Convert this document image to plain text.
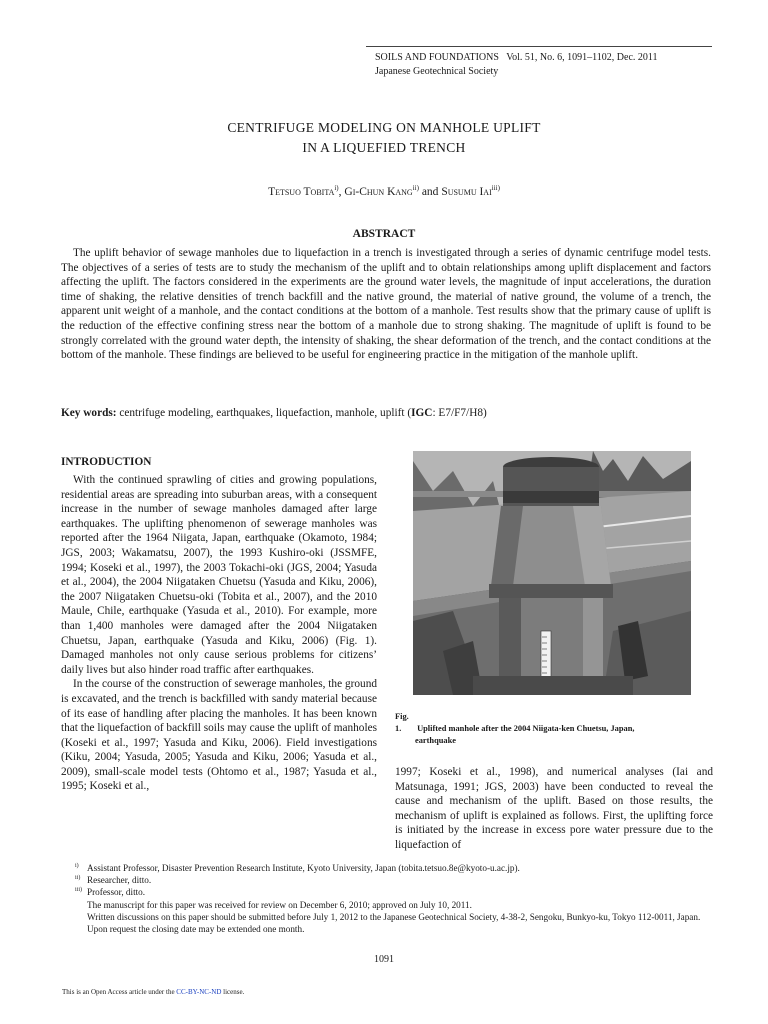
SOILS AND FOUNDATIONS   Vol. 51, No. 6, 1091–1102, Dec. 2011
Japanese Geotechnical Society
CENTRIFUGE MODELING ON MANHOLE UPLIFT
IN A LIQUEFIED TRENCH
Tetsuo Tobita$^{i)}$, Gi-Chun Kang$^{ii)}$ and Susumu Iai$^{iii)}$
ABSTRACT
The uplift behavior of sewage manholes due to liquefaction in a trench is investigated through a series of dynamic centrifuge model tests. The objectives of a series of tests are to study the mechanism of the uplift and to obtain relationships among uplift displacement and factors affecting the uplift. The factors considered in the experiments are the ground water levels, the magnitude of input accelerations, the duration time of shaking, the relative densities of trench backfill and the native ground, the material of native ground, the volume of a trench, the apparent unit weight of a manhole, and the contact conditions at the bottom of a manhole. Test results show that the primary cause of uplift is the reduction of the effective confining stress near the bottom of a manhole due to strong shaking. The magnitude of uplift is found to be strongly correlated with the ground water depth, the intensity of shaking, the shear deformation of the trench, and the contact conditions at the bottom of the manhole. These findings are believed to be useful for engineering practice in the mitigation of the manhole uplift.
Key words: centrifuge modeling, earthquakes, liquefaction, manhole, uplift (IGC: E7/F7/H8)
INTRODUCTION

With the continued sprawling of cities and growing populations, residential areas are spreading into suburban areas, with a consequent increase in the number of sewage manholes damaged after large earthquakes. The uplifting phenomenon of sewerage manholes was reported after the 1964 Niigata, Japan, earthquake (Okamoto, 1984; JGS, 2003; Wakamatsu, 2007), the 1993 Kushiro-oki (JSSMFE, 1994; Koseki et al., 1997), the 2003 Tokachi-oki (JGS, 2004; Yasuda et al., 2004), the 2004 Niigataken Chuetsu (Yasuda and Kiku, 2006), the 2007 Niigataken Chuetsu-oki (Tobita et al., 2007), and the 2010 Maule, Chile, earthquake (Yasuda et al., 2010). For example, more than 1,400 manholes were damaged after the 2004 Niigataken Chuetsu, Japan, earthquake (Yasuda and Kiku, 2006) (Fig. 1). Damaged manholes not only cause serious problems for citizens’ daily lives but also hinder road traffic after earthquakes.

In the course of the construction of sewerage manholes, the ground is excavated, and the trench is backfilled with sandy material because of its ease of handling after placing the manholes. It has been known that the liquefaction of backfill soils may cause the uplift of manholes (Koseki et al., 1997; Yasuda and Kiku, 2006). Field investigations (Kiku, 2004; Yasuda, 2005; Yasuda and Kiku, 2006; Yasuda et al., 2009), small-scale model tests (Ohtomo et al., 1987; Yasuda et al., 1995; Koseki et al.,

Fig. 1. Uplifted manhole after the 2004 Niigata-ken Chuetsu, Japan,
earthquake
1997; Koseki et al., 1998), and numerical analyses (Iai and Matsunaga, 1991; JGS, 2003) have been conducted to reveal the cause and mechanism of the uplift. Based on those results, the mechanism of uplift is explained as follows. First, the uplifting force is initiated by the increase in excess pore water pressure due to the liquefaction of
i) Assistant Professor, Disaster Prevention Research Institute, Kyoto University, Japan (tobita.tetsuo.8e@kyoto-u.ac.jp).
ii) Researcher, ditto.
iii) Professor, ditto.
The manuscript for this paper was received for review on December 6, 2010; approved on July 10, 2011.
Written discussions on this paper should be submitted before July 1, 2012 to the Japanese Geotechnical Society, 4-38-2, Sengoku, Bunkyo-ku, Tokyo 112-0011, Japan. Upon request the closing date may be extended one month.
1091
This is an Open Access article under the CC-BY-NC-ND license.
